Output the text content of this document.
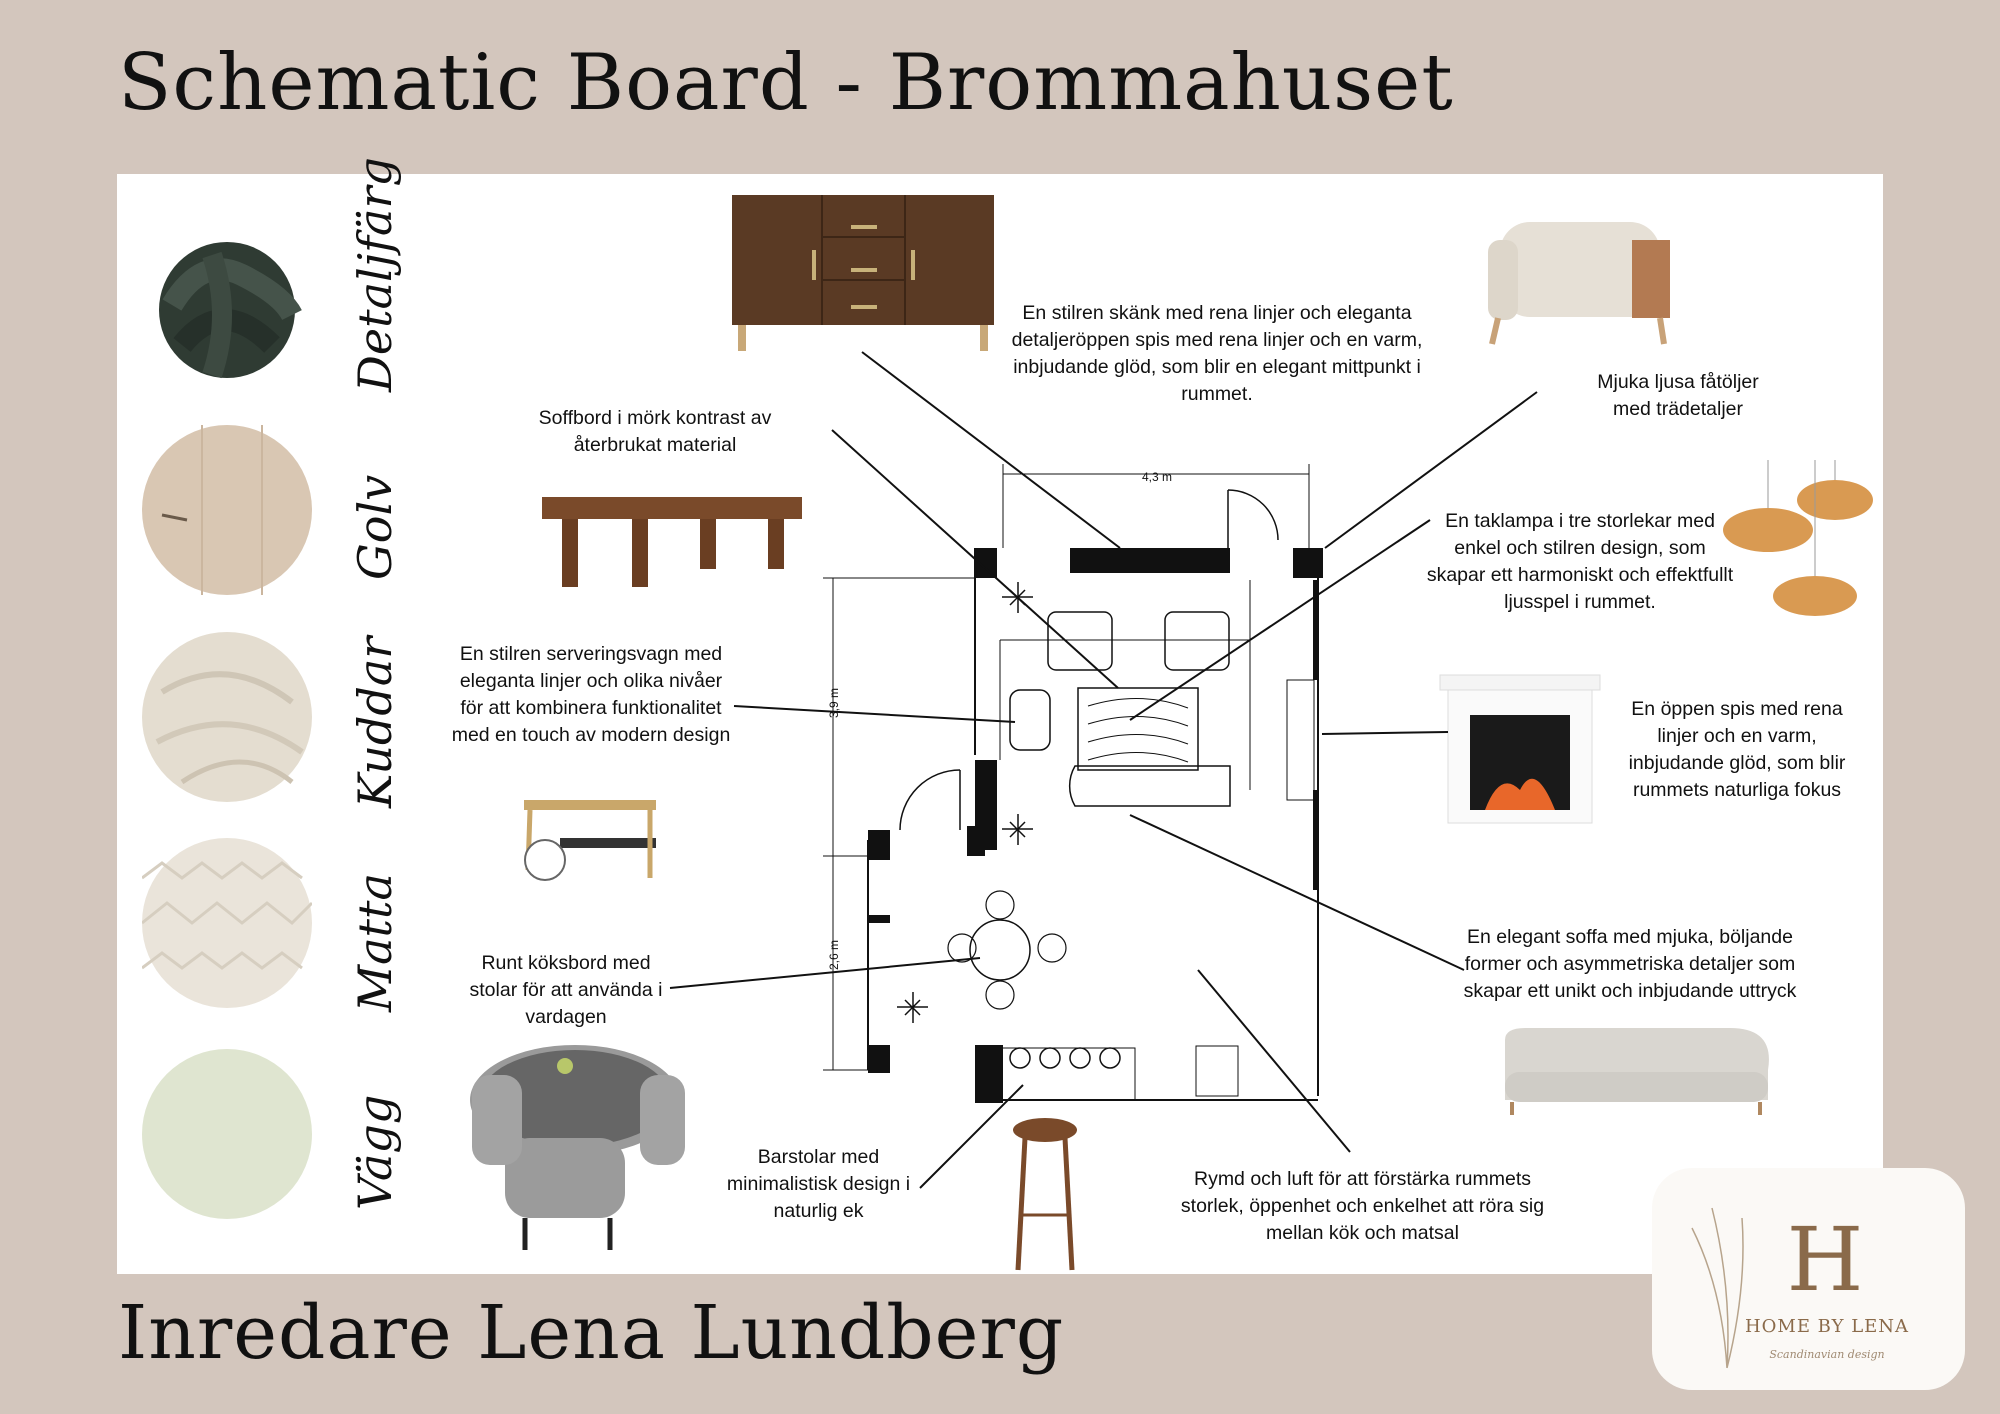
Schematic Board - Brommahuset
Detaljfärg
Golv
Kuddar
Matta
Vägg
4,3 m
3,9 m
2,6 m
En stilren skänk med rena linjer och eleganta detaljeröppen spis med rena linjer och en varm, inbjudande glöd, som blir en elegant mittpunkt i rummet.
Mjuka ljusa fåtöljer med trädetaljer
Soffbord i mörk kontrast av återbrukat material
En taklampa i tre storlekar med enkel och stilren design, som skapar ett harmoniskt och effektfullt ljusspel i rummet.
En stilren serveringsvagn med eleganta linjer och olika nivåer för att kombinera funktionalitet med en touch av modern design
En öppen spis med rena linjer och en varm, inbjudande glöd, som blir rummets naturliga fokus
En elegant soffa med mjuka, böljande former och asymmetriska detaljer som skapar ett unikt och inbjudande uttryck
Runt köksbord med stolar för att använda i vardagen
Barstolar med minimalistisk design i naturlig ek
Rymd och luft för att förstärka rummets storlek, öppenhet och enkelhet att röra sig mellan kök och matsal
Inredare Lena Lundberg
H
HOME BY LENA
Scandinavian design
